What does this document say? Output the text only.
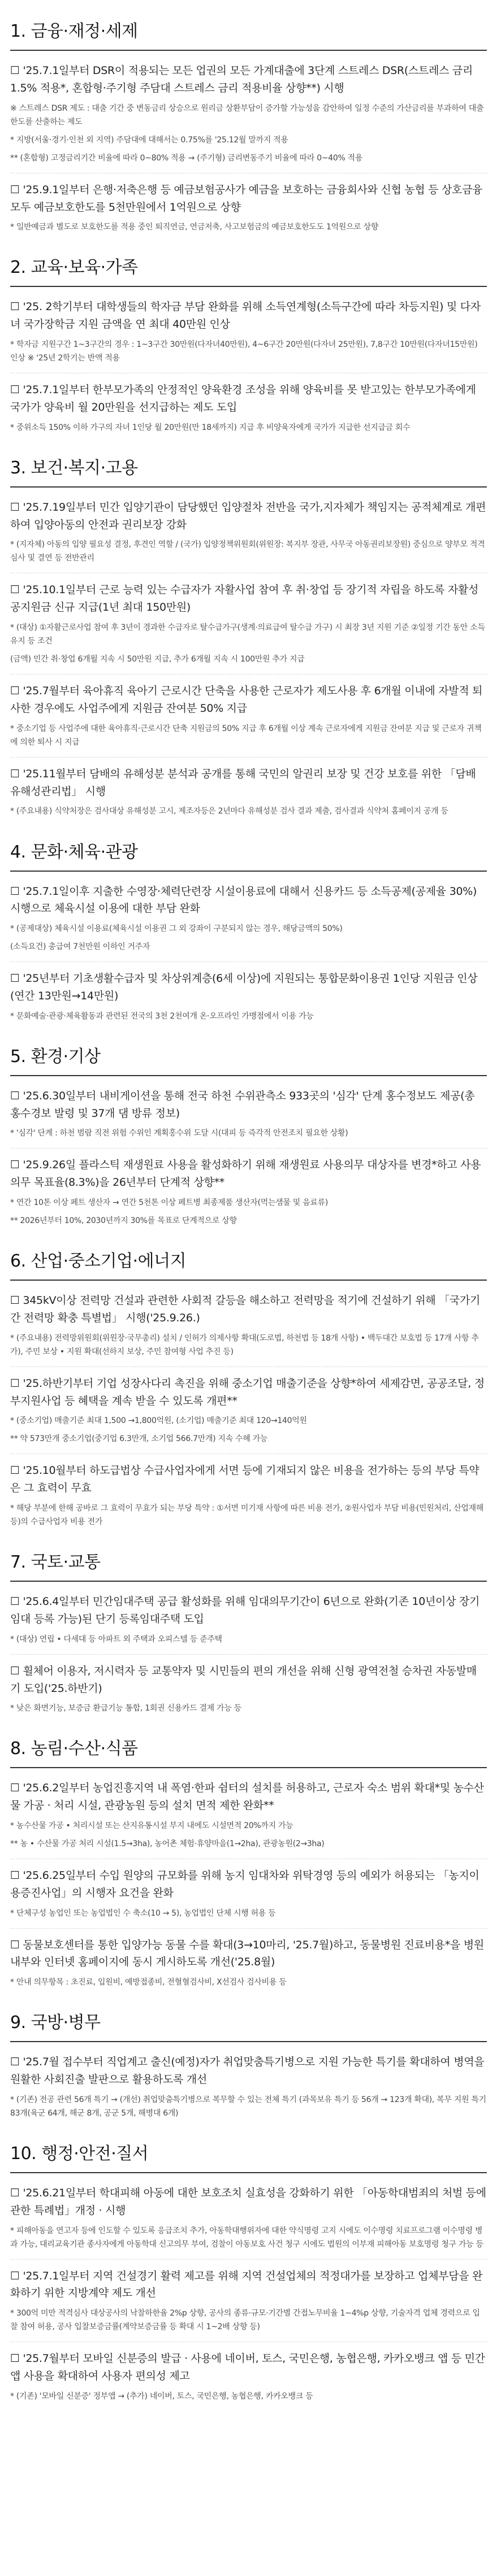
1. 금융·재정·세제

☐ '25.7.1일부터 DSR이 적용되는 모든 업권의 모든 가계대출에 3단계 스트레스 DSR(스트레스 금리 1.5% 적용*, 혼합형·주기형 주담대 스트레스 금리 적용비율 상향**) 시행

※ 스트레스 DSR 제도 : 대출 기간 중 변동금리 상승으로 원리금 상환부담이 증가할 가능성을 감안하여 일정 수준의 가산금리를 부과하여 대출한도를 산출하는 제도

* 지방(서울·경기·인천 외 지역) 주담대에 대해서는 0.75%를 '25.12월 말까지 적용

** (혼합형) 고정금리기간 비율에 따라 0~80% 적용 → (주기형) 금리변동주기 비율에 따라 0~40% 적용

☐ '25.9.1일부터 은행·저축은행 등 예금보험공사가 예금을 보호하는 금융회사와 신협 농협 등 상호금융 모두 예금보호한도를 5천만원에서 1억원으로 상향

* 일반예금과 별도로 보호한도를 적용 중인 퇴직연금, 연금저축, 사고보험금의 예금보호한도도 1억원으로 상향

2. 교육·보육·가족

☐ '25. 2학기부터 대학생들의 학자금 부담 완화를 위해 소득연계형(소득구간에 따라 차등지원) 및 다자녀 국가장학금 지원 금액을 연 최대 40만원 인상

* 학자금 지원구간 1~3구간의 경우 : 1~3구간 30만원(다자녀40만원), 4~6구간 20만원(다자녀 25만원), 7,8구간 10만원(다자녀15만원) 인상 ※ '25년 2학기는 반액 적용

☐ '25.7.1일부터 한부모가족의 안정적인 양육환경 조성을 위해 양육비를 못 받고있는 한부모가족에게 국가가 양육비 월 20만원을 선지급하는 제도 도입

* 중위소득 150% 이하 가구의 자녀 1인당 월 20만원(만 18세까지) 지급 후 비양육자에게 국가가 지급한 선지급금 회수

3. 보건·복지·고용

☐ '25.7.19일부터 민간 입양기관이 담당했던 입양절차 전반을 국가,지자체가 책임지는 공적체계로 개편하여 입양아동의 안전과 권리보장 강화

* (지자체) 아동의 입양 필요성 결정, 후견인 역할 / (국가) 입양정책위원회(위원장: 복지부 장관, 사무국 아동권리보장원) 중심으로 양부모 적격심사 및 결연 등 전반관리

☐ '25.10.1일부터 근로 능력 있는 수급자가 자활사업 참여 후 취·창업 등 장기적 자립을 하도록 자활성공지원금 신규 지급(1년 최대 150만원)

* (대상) ①자활근로사업 참여 후 3년이 경과한 수급자로 탈수급가구(생계·의료급여 탈수급 가구) 시 최장 3년 지원 기준 ②일정 기간 동안 소득 유지 등 조건

(금액) 민간 취·창업 6개월 지속 시 50만원 지급, 추가 6개월 지속 시 100만원 추가 지급

☐ '25.7월부터 육아휴직 육아기 근로시간 단축을 사용한 근로자가 제도사용 후 6개월 이내에 자발적 퇴사한 경우에도 사업주에게 지원금 잔여분 50% 지급

* 중소기업 등 사업주에 대한 육아휴직·근로시간 단축 지원금의 50% 지급 후 6개월 이상 계속 근로자에게 지원금 잔여분 지급 및 근로자 귀책에 의한 퇴사 시 지급

☐ '25.11월부터 담배의 유해성분 분석과 공개를 통해 국민의 알권리 보장 및 건강 보호를 위한 「담배 유해성관리법」 시행

* (주요내용) 식약처장은 검사대상 유해성분 고시, 제조자등은 2년마다 유해성분 검사 결과 제출, 검사결과 식약처 홈페이지 공개 등

4. 문화·체육·관광

☐ '25.7.1일이후 지출한 수영장·체력단련장 시설이용료에 대해서 신용카드 등 소득공제(공제율 30%) 시행으로 체육시설 이용에 대한 부담 완화

* (공제대상) 체육시설 이용료(체육시설 이용권 그 외 강좌이 구분되지 않는 경우, 해당금액의 50%)

(소득요건) 총급여 7천만원 이하인 거주자

☐ '25년부터 기초생활수급자 및 차상위계층(6세 이상)에 지원되는 통합문화이용권 1인당 지원금 인상 (연간 13만원→14만원)

* 문화예술·관광·체육활동과 관련된 전국의 3천 2천여개 온·오프라인 가맹점에서 이용 가능

5. 환경·기상

☐ '25.6.30일부터 내비게이션을 통해 전국 하천 수위관측소 933곳의 '심각' 단계 홍수정보도 제공(총 홍수경보 발령 및 37개 댐 방류 정보)

* '심각' 단계 : 하천 범람 직전 위험 수위인 계획홍수위 도달 시(대피 등 즉각적 안전조치 필요한 상황)

☐ '25.9.26일 플라스틱 재생원료 사용을 활성화하기 위해 재생원료 사용의무 대상자를 변경*하고 사용의무 목표율(8.3%)을 26년부터 단계적 상향**

* 연간 10톤 이상 페트 생산자 → 연간 5천톤 이상 페트병 최종제품 생산자(먹는샘물 및 음료류)

** 2026년부터 10%, 2030년까지 30%를 목표로 단계적으로 상향

6. 산업·중소기업·에너지

☐ 345kV이상 전력망 건설과 관련한 사회적 갈등을 해소하고 전력망을 적기에 건설하기 위해 「국가기간 전력망 확충 특별법」 시행('25.9.26.)

* (주요내용) 전력망위원회(위원장·국무총리) 설치 / 인허가 의제사항 확대(도로법, 하천법 등 18개 사항) • 백두대간 보호법 등 17개 사항 추가), 주민 보상 • 지원 확대(선하지 보상, 주민 참여형 사업 추진 등)

☐ '25.하반기부터 기업 성장사다리 촉진을 위해 중소기업 매출기준을 상향*하여 세제감면, 공공조달, 정부지원사업 등 혜택을 계속 받을 수 있도록 개편**

* (중소기업) 매출기준 최대 1,500 →1,800억원, (소기업) 매출기준 최대 120→140억원

** 약 573만개 중소기업(중기업 6.3만개, 소기업 566.7만개) 지속 수혜 가능

☐ '25.10월부터 하도급법상 수급사업자에게 서면 등에 기재되지 않은 비용을 전가하는 등의 부당 특약은 그 효력이 무효

* 해당 부분에 한해 공바로 그 효력이 무효가 되는 부당 특약 : ①서면 미기재 사항에 따른 비용 전가, ②원사업자 부담 비용(민원처리, 산업재해 등)의 수급사업자 비용 전가

7. 국토·교통

☐ '25.6.4일부터 민간임대주택 공급 활성화를 위해 임대의무기간이 6년으로 완화(기존 10년이상 장기임대 등록 가능)된 단기 등록임대주택 도입

* (대상) 연립 • 다세대 등 아파트 외 주택과 오피스텔 등 준주택

☐ 휠체어 이용자, 저시력자 등 교통약자 및 시민들의 편의 개선을 위해 신형 광역전철 승차권 자동발매기 도입('25.하반기)

* 낮은 화면기능, 보증금 환급기능 통합, 1회권 신용카드 결제 가능 등

8. 농림·수산·식품

☐ '25.6.2일부터 농업진흥지역 내 폭염·한파 쉼터의 설치를 허용하고, 근로자 숙소 범위 확대*및 농수산물 가공 · 처리 시설, 관광농원 등의 설치 면적 제한 완화**

* 농수산물 가공 • 처리시설 또는 산지유통시설 부지 내에도 시설면적 20%까지 가능

** 농 • 수산물 가공 처리 시설(1.5→3ha), 농어촌 체험·휴양마을(1→2ha), 관광농원(2→3ha)

☐ '25.6.25일부터 수입 원양의 규모화를 위해 농지 임대차와 위탁경영 등의 예외가 허용되는 「농지이용증진사업」의 시행자 요건을 완화

* 단체구성 농업인 또는 농업법인 수 축소(10 → 5), 농업법인 단체 시행 허용 등

☐ 동물보호센터를 통한 입양가능 동물 수를 확대(3→10마리, '25.7월)하고, 동물병원 진료비용*을 병원내부와 인터넷 홈페이지에 동시 게시하도록 개선('25.8월)

* 안내 의무항목 : 초진료, 입원비, 예방접종비, 전혈혈검사비, X선검사 검사비용 등

9. 국방·병무

☐ '25.7월 접수부터 직업계고 출신(예정)자가 취업맞춤특기병으로 지원 가능한 특기를 확대하여 병역을 원활한 사회진출 발판으로 활용하도록 개선

* (기존) 전공 관련 56개 특기 → (개선) 취업맞춤특기병으로 복무할 수 있는 전체 특기 (과목보유 특기 등 56개 → 123개 확대), 복무 지원 특기 83개(육군 64개, 해군 8개, 공군 5개, 해병대 6개)

10. 행정·안전·질서

☐ '25.6.21일부터 학대피해 아동에 대한 보호조치 실효성을 강화하기 위한 「아동학대범죄의 처벌 등에 관한 특례법」개정 · 시행

* 피해아동을 연고자 등에 인도할 수 있도록 응급조치 추가, 아동학대행위자에 대한 약식명령 고지 시에도 이수명령 치료프로그램 이수명령 병과 가능, 대리교육기관 종사자에게 아동학대 신고의무 부여, 검찰이 아동보호 사건 청구 시에도 법원의 이부재 피해아동 보호명령 청구 가능 등

☐ '25.7.1일부터 지역 건설경기 활력 제고를 위해 지역 건설업체의 적정대가를 보장하고 업체부담을 완화하기 위한 지방계약 제도 개선

* 300억 미만 적격심사 대상공사의 낙찰하한율 2%p 상향, 공사의 종류·규모·기간별 간접노무비율 1~4%p 상향, 기술자격 업체 경력으로 입찰 참여 허용, 공사 입찰보증금률(계약보증금률 등 확대 시 1~2배 상향 등)

☐ '25.7월부터 모바일 신분증의 발급 · 사용에 네이버, 토스, 국민은행, 농협은행, 카카오뱅크 앱 등 민간 앱 사용을 확대하여 사용자 편의성 제고

* (기존) '모바일 신분증' 정부앱 → (추가) 네이버, 토스, 국민은행, 농협은행, 카카오뱅크 등
